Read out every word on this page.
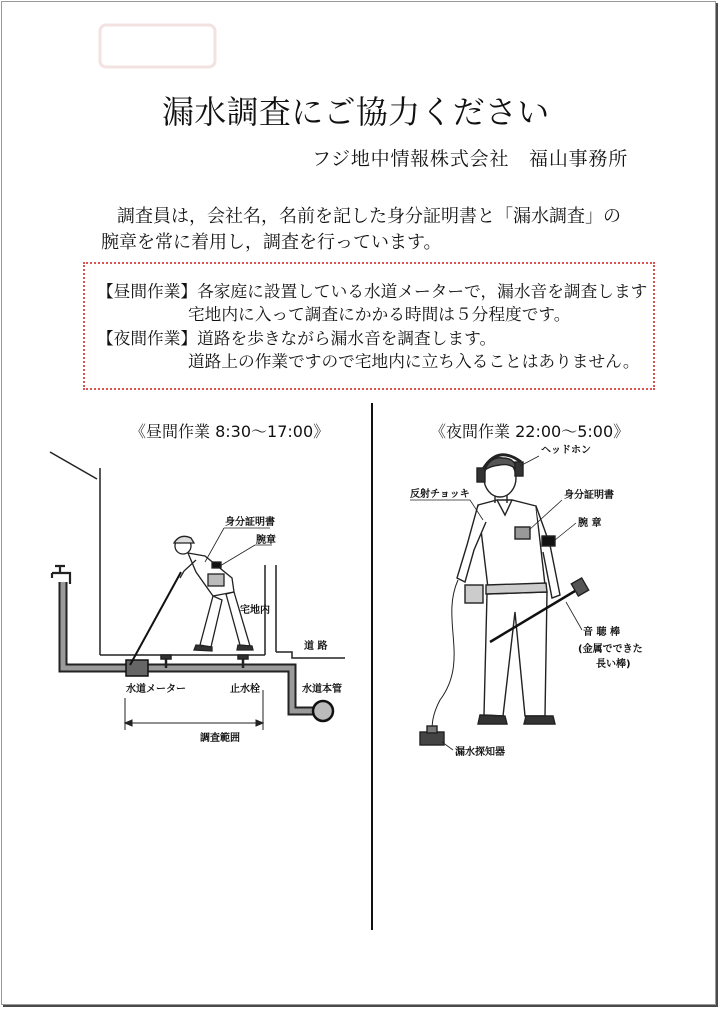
漏水調査にご協力ください
フジ地中情報株式会社　福山事務所
調査員は，会社名，名前を記した身分証明書と「漏水調査」の
腕章を常に着用し，調査を行っています。
【昼間作業】各家庭に設置している水道メーターで，漏水音を調査します
宅地内に入って調査にかかる時間は５分程度です。
【夜間作業】道路を歩きながら漏水音を調査します。
道路上の作業ですので宅地内に立ち入ることはありません。
《昼間作業 8:30～17:00》	《夜間作業 22:00～5:00》
身分証明書
腕章
宅地内
道 路
水道メーター	止水栓	水道本管
調査範囲
ヘッドホン
反射チョッキ	身分証明書
腕 章
音 聴 棒
(金属でできた
長い棒)
漏水探知器
